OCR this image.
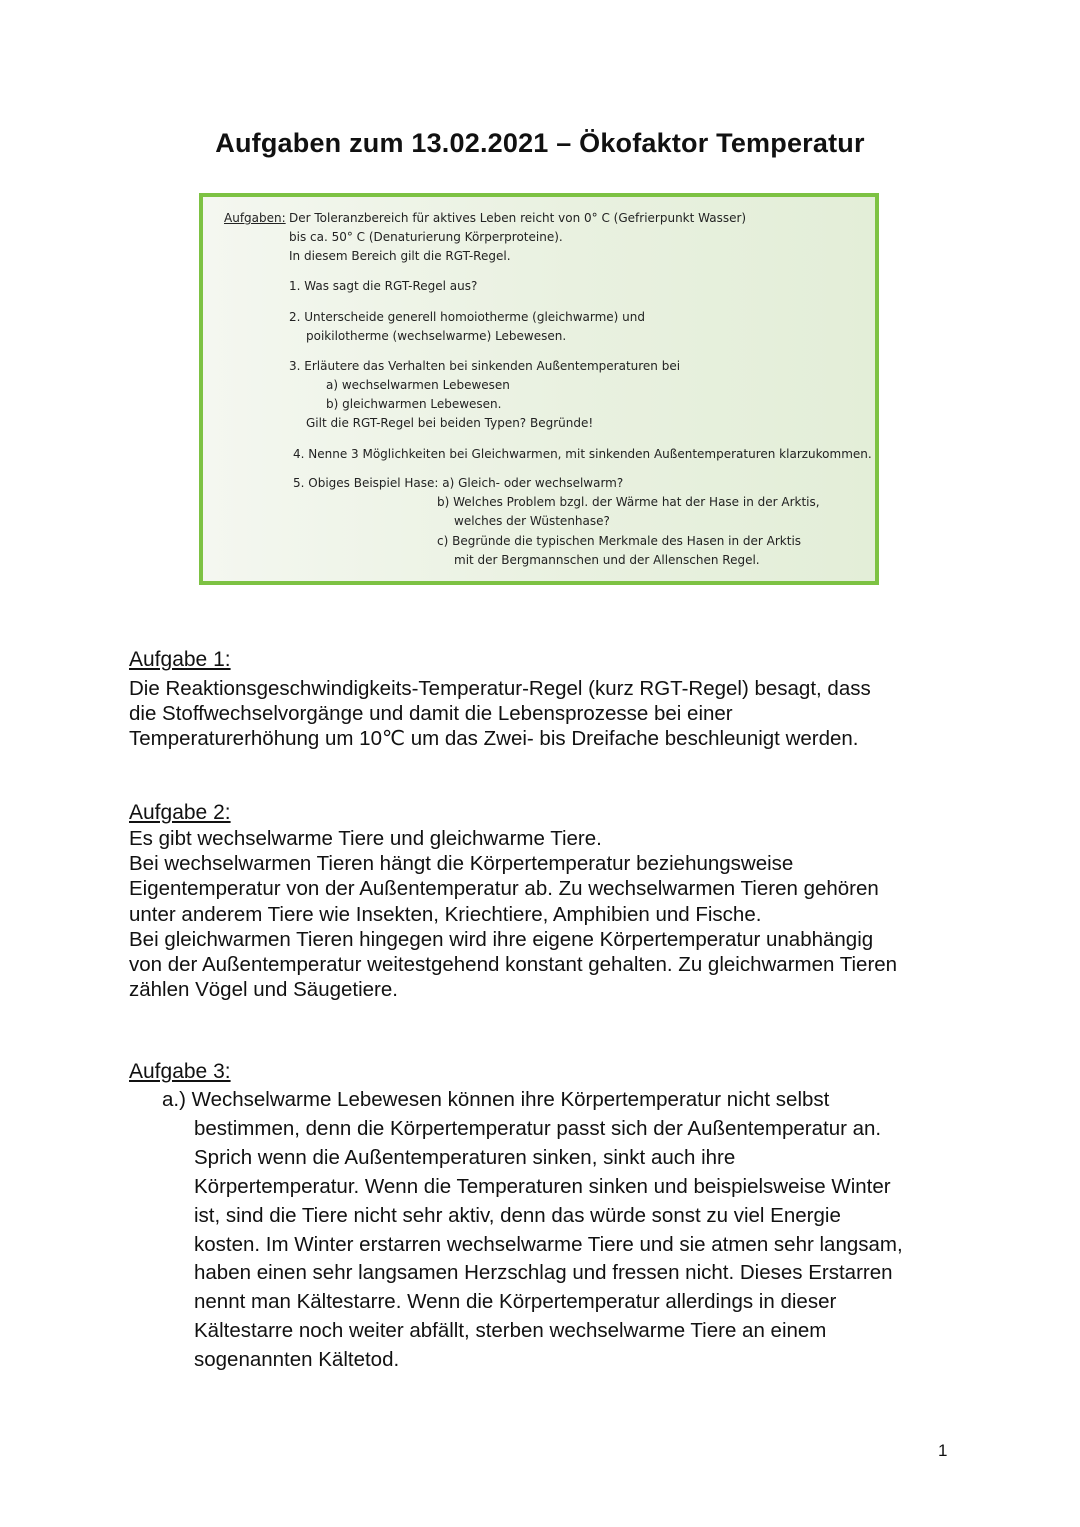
Aufgaben zum 13.02.2021 – Ökofaktor Temperatur
Aufgaben: Der Toleranzbereich für aktives Leben reicht von 0° C (Gefrierpunkt Wasser)
bis ca. 50° C (Denaturierung Körperproteine).
In diesem Bereich gilt die RGT-Regel.
1. Was sagt die RGT-Regel aus?
2. Unterscheide generell homoiotherme (gleichwarme) und
poikilotherme (wechselwarme) Lebewesen.
3. Erläutere das Verhalten bei sinkenden Außentemperaturen bei
a) wechselwarmen Lebewesen
b) gleichwarmen Lebewesen.
Gilt die RGT-Regel bei beiden Typen? Begründe!
4. Nenne 3 Möglichkeiten bei Gleichwarmen, mit sinkenden Außentemperaturen klarzukommen.
5. Obiges Beispiel Hase: a) Gleich- oder wechselwarm?
b) Welches Problem bzgl. der Wärme hat der Hase in der Arktis,
welches der Wüstenhase?
c) Begründe die typischen Merkmale des Hasen in der Arktis
mit der Bergmannschen und der Allenschen Regel.
Aufgabe 1:
Die Reaktionsgeschwindigkeits-Temperatur-Regel (kurz RGT-Regel) besagt, dass
die Stoffwechselvorgänge und damit die Lebensprozesse bei einer
Temperaturerhöhung um 10℃ um das Zwei- bis Dreifache beschleunigt werden.
Aufgabe 2:
Es gibt wechselwarme Tiere und gleichwarme Tiere.
Bei wechselwarmen Tieren hängt die Körpertemperatur beziehungsweise
Eigentemperatur von der Außentemperatur ab. Zu wechselwarmen Tieren gehören
unter anderem Tiere wie Insekten, Kriechtiere, Amphibien und Fische.
Bei gleichwarmen Tieren hingegen wird ihre eigene Körpertemperatur unabhängig
von der Außentemperatur weitestgehend konstant gehalten. Zu gleichwarmen Tieren
zählen Vögel und Säugetiere.
Aufgabe 3:
a.) Wechselwarme Lebewesen können ihre Körpertemperatur nicht selbst
bestimmen, denn die Körpertemperatur passt sich der Außentemperatur an.
Sprich wenn die Außentemperaturen sinken, sinkt auch ihre
Körpertemperatur. Wenn die Temperaturen sinken und beispielsweise Winter
ist, sind die Tiere nicht sehr aktiv, denn das würde sonst zu viel Energie
kosten. Im Winter erstarren wechselwarme Tiere und sie atmen sehr langsam,
haben einen sehr langsamen Herzschlag und fressen nicht. Dieses Erstarren
nennt man Kältestarre. Wenn die Körpertemperatur allerdings in dieser
Kältestarre noch weiter abfällt, sterben wechselwarme Tiere an einem
sogenannten Kältetod.
1
